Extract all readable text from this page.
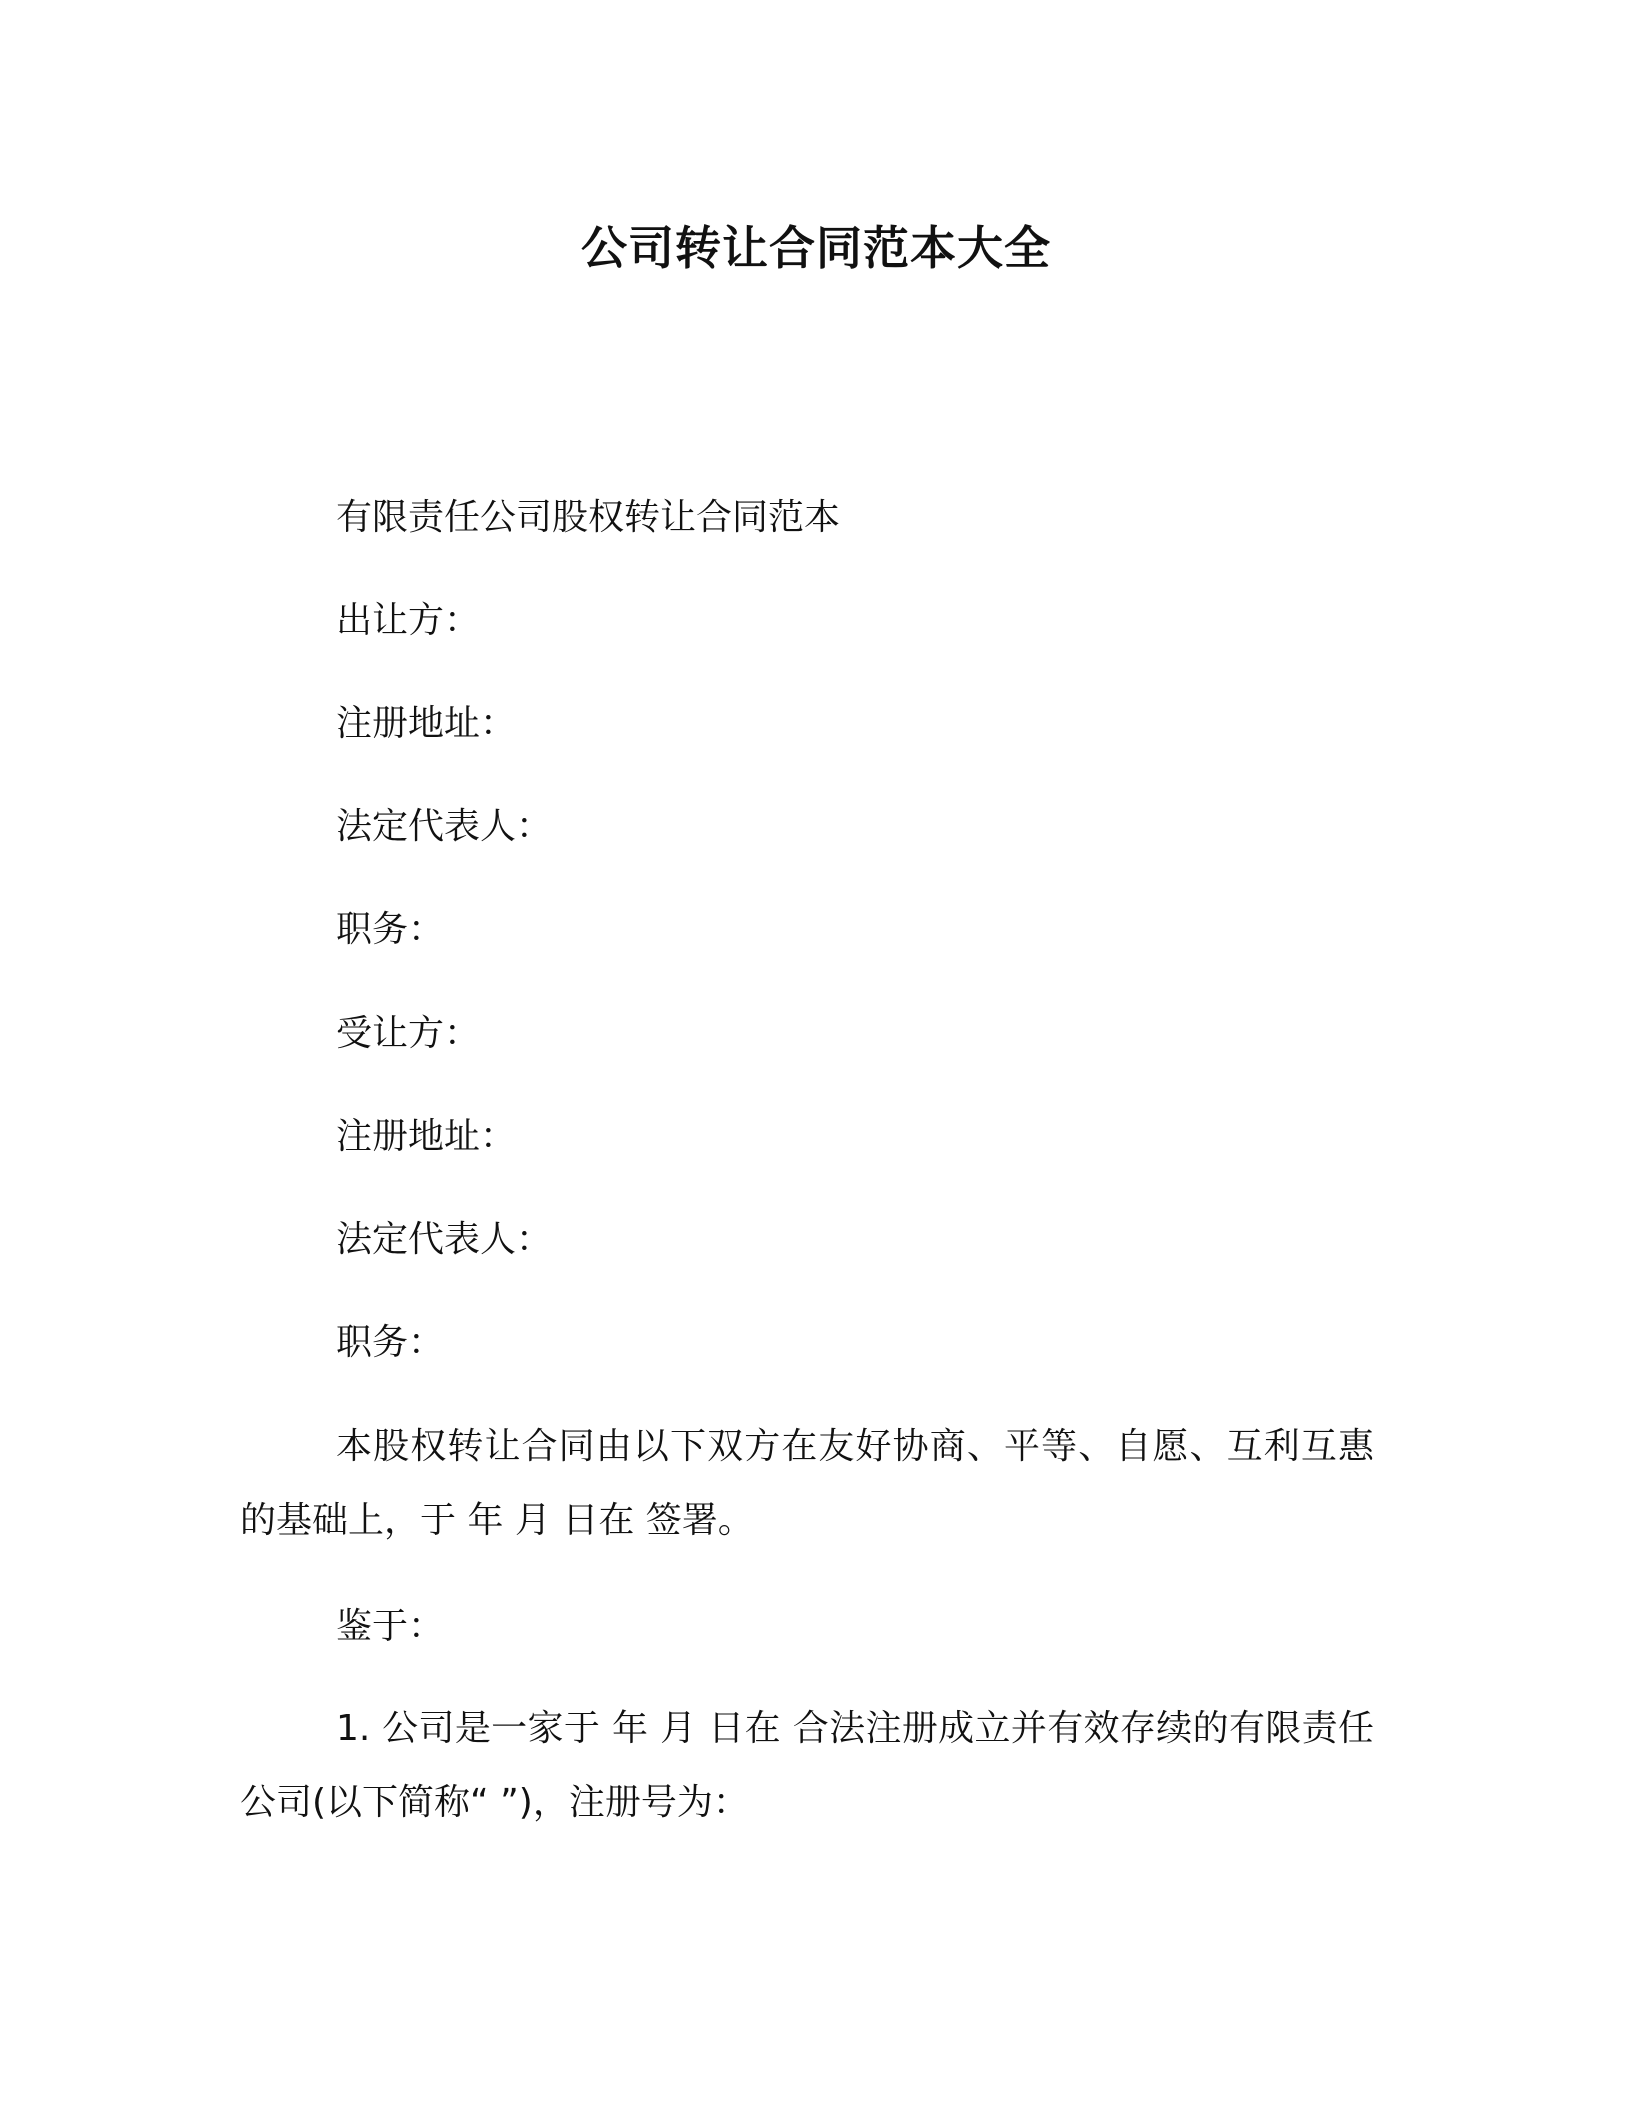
公司转让合同范本大全
有限责任公司股权转让合同范本
出让方：
注册地址：
法定代表人：
职务：
受让方：
注册地址：
法定代表人：
职务：
本股权转让合同由以下双方在友好协商、平等、自愿、互利互惠的基础上，于 年 月 日在 签署。
鉴于：
1. 公司是一家于 年 月 日在 合法注册成立并有效存续的有限责任公司(以下简称“ ”)，注册号为：
